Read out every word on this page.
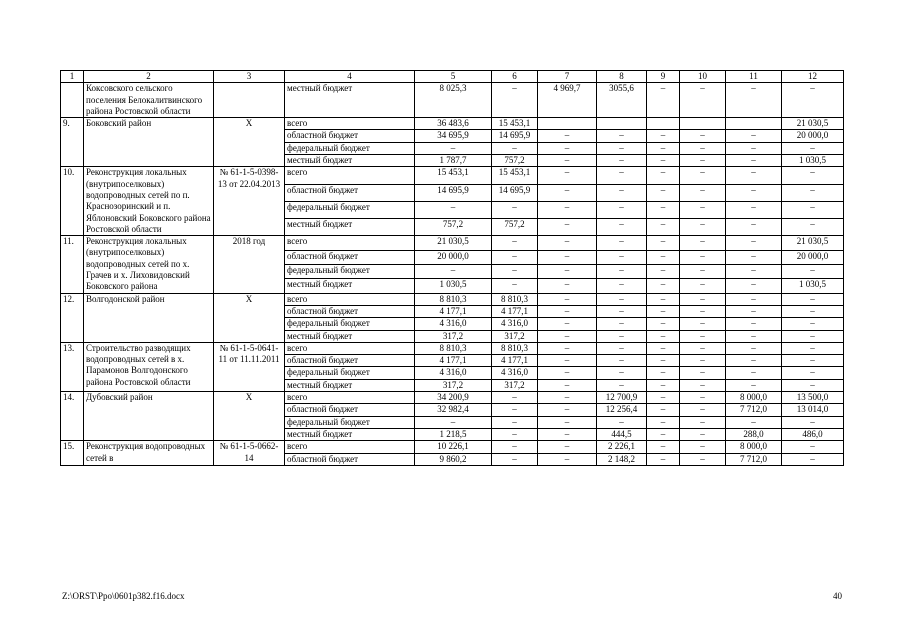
1	2	3	4	5	6	7	8	9	10	11	12
	Коксовского сельского поселения Белокалитвинского района Ростовской области		местный бюджет	8 025,3	–	4 969,7	3055,6	–	–	–	–
9.	Боковский район	X	всего	36 483,6	15 453,1						21 030,5
			областной бюджет	34 695,9	14 695,9	–	–	–	–	–	20 000,0
			федеральный бюджет	–	–	–	–	–	–	–	–
			местный бюджет	1 787,7	757,2	–	–	–	–	–	1 030,5
10.	Реконструкция локальных (внутрипоселковых) водопроводных сетей по п. Краснозоринский и п. Яблоновский Боковского района Ростовской области	№ 61-1-5-0398-13 от 22.04.2013	всего	15 453,1	15 453,1	–	–	–	–	–	–
			областной бюджет	14 695,9	14 695,9	–	–	–	–	–	–
			федеральный бюджет	–	–	–	–	–	–	–	–
			местный бюджет	757,2	757,2	–	–	–	–	–	–
11.	Реконструкция локальных (внутрипоселковых) водопроводных сетей по х. Грачев и х. Лиховидовский Боковского района	2018 год	всего	21 030,5	–	–	–	–	–	–	21 030,5
			областной бюджет	20 000,0	–	–	–	–	–	–	20 000,0
			федеральный бюджет	–	–	–	–	–	–	–	–
			местный бюджет	1 030,5	–	–	–	–	–	–	1 030,5
12.	Волгодонской район	X	всего	8 810,3	8 810,3	–	–	–	–	–	–
			областной бюджет	4 177,1	4 177,1	–	–	–	–	–	–
			федеральный бюджет	4 316,0	4 316,0	–	–	–	–	–	–
			местный бюджет	317,2	317,2	–	–	–	–	–	–
13.	Строительство разводящих водопроводных сетей в х. Парамонов Волгодонского района Ростовской области	№ 61-1-5-0641-11 от 11.11.2011	всего	8 810,3	8 810,3	–	–	–	–	–	–
			областной бюджет	4 177,1	4 177,1	–	–	–	–	–	–
			федеральный бюджет	4 316,0	4 316,0	–	–	–	–	–	–
			местный бюджет	317,2	317,2	–	–	–	–	–	–
14.	Дубовский район	X	всего	34 200,9	–	–	12 700,9	–	–	8 000,0	13 500,0
			областной бюджет	32 982,4	–	–	12 256,4	–	–	7 712,0	13 014,0
			федеральный бюджет	–	–	–	–	–	–	–	–
			местный бюджет	1 218,5	–	–	444,5	–	–	288,0	486,0
15.	Реконструкция водопроводных сетей в	№ 61-1-5-0662-14	всего	10 226,1	–	–	2 226,1	–	–	8 000,0	–
			областной бюджет	9 860,2	–	–	2 148,2	–	–	7 712,0	–
Z:\ORST\Ppo\0601p382.f16.docx	40
